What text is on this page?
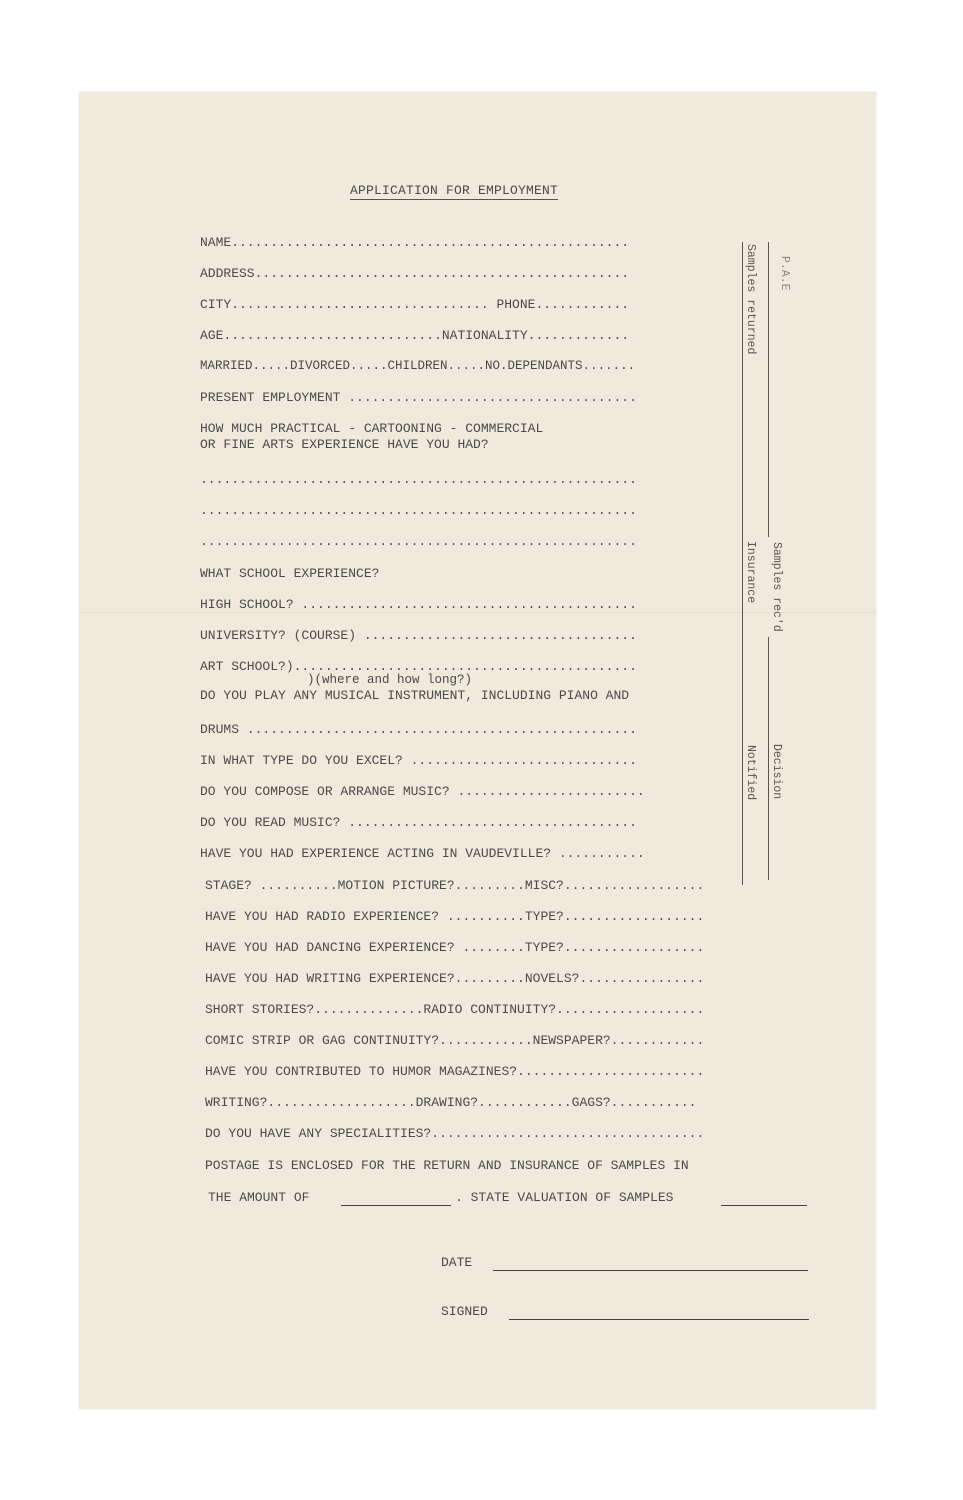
APPLICATION FOR EMPLOYMENT
NAME...................................................
ADDRESS................................................
CITY................................. PHONE............
AGE............................NATIONALITY.............
MARRIED.....DIVORCED.....CHILDREN.....NO.DEPENDANTS.......
PRESENT EMPLOYMENT .....................................
HOW MUCH PRACTICAL - CARTOONING - COMMERCIAL
OR FINE ARTS EXPERIENCE HAVE YOU HAD?
........................................................
........................................................
........................................................
WHAT SCHOOL EXPERIENCE?
HIGH SCHOOL? ...........................................
UNIVERSITY? (COURSE) ...................................
ART SCHOOL?)............................................
)(where and how long?)
DO YOU PLAY ANY MUSICAL INSTRUMENT, INCLUDING PIANO AND
DRUMS ..................................................
IN WHAT TYPE DO YOU EXCEL? .............................
DO YOU COMPOSE OR ARRANGE MUSIC? ........................
DO YOU READ MUSIC? .....................................
HAVE YOU HAD EXPERIENCE ACTING IN VAUDEVILLE? ...........
STAGE? ..........MOTION PICTURE?.........MISC?..................
HAVE YOU HAD RADIO EXPERIENCE? ..........TYPE?..................
HAVE YOU HAD DANCING EXPERIENCE? ........TYPE?..................
HAVE YOU HAD WRITING EXPERIENCE?.........NOVELS?................
SHORT STORIES?..............RADIO CONTINUITY?...................
COMIC STRIP OR GAG CONTINUITY?............NEWSPAPER?............
HAVE YOU CONTRIBUTED TO HUMOR MAGAZINES?........................
WRITING?...................DRAWING?............GAGS?...........
DO YOU HAVE ANY SPECIALITIES?...................................
POSTAGE IS ENCLOSED FOR THE RETURN AND INSURANCE OF SAMPLES IN
THE AMOUNT OF	. STATE VALUATION OF SAMPLES
DATE
SIGNED
Samples returned
Insurance
Notified
Samples rec'd
Decision
P.A.E
